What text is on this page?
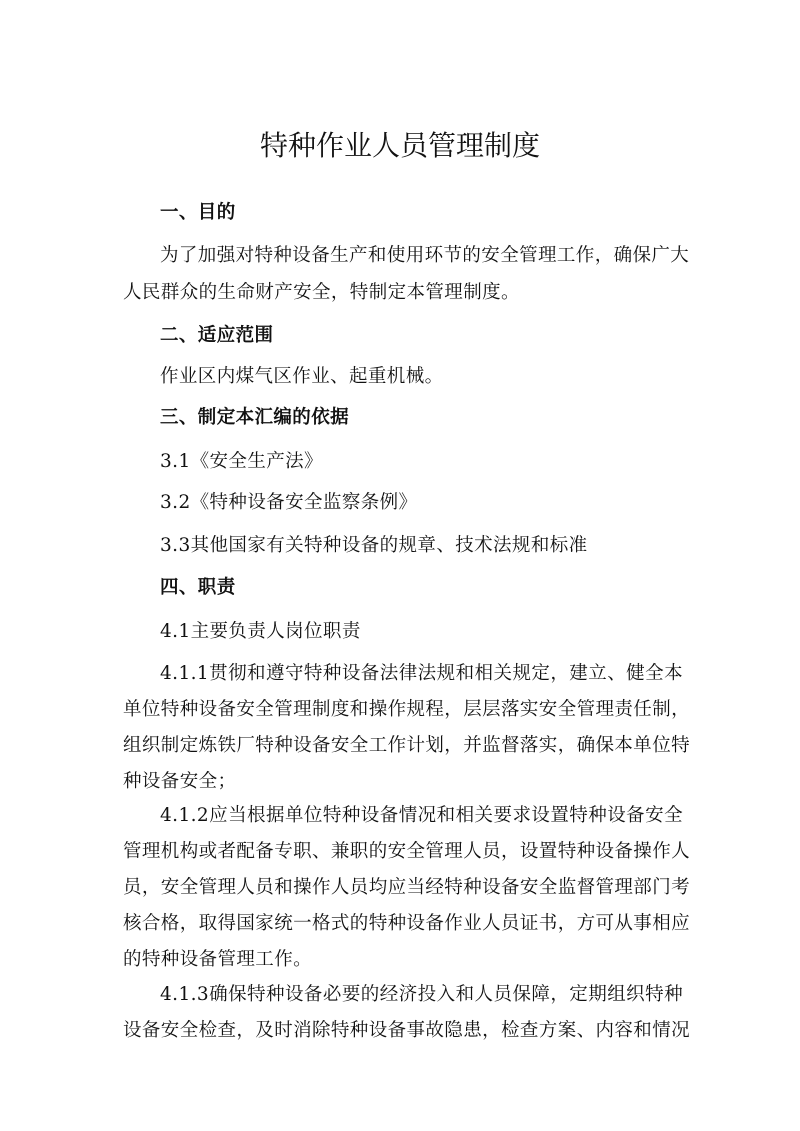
特种作业人员管理制度
一、目的
为了加强对特种设备生产和使用环节的安全管理工作，确保广大
人民群众的生命财产安全，特制定本管理制度。
二、适应范围
作业区内煤气区作业、起重机械。
三、制定本汇编的依据
3.1《安全生产法》
3.2《特种设备安全监察条例》
3.3其他国家有关特种设备的规章、技术法规和标准
四、职责
4.1主要负责人岗位职责
4.1.1贯彻和遵守特种设备法律法规和相关规定，建立、健全本
单位特种设备安全管理制度和操作规程，层层落实安全管理责任制，
组织制定炼铁厂特种设备安全工作计划，并监督落实，确保本单位特
种设备安全；
4.1.2应当根据单位特种设备情况和相关要求设置特种设备安全
管理机构或者配备专职、兼职的安全管理人员，设置特种设备操作人
员，安全管理人员和操作人员均应当经特种设备安全监督管理部门考
核合格，取得国家统一格式的特种设备作业人员证书，方可从事相应
的特种设备管理工作。
4.1.3确保特种设备必要的经济投入和人员保障，定期组织特种
设备安全检查，及时消除特种设备事故隐患，检查方案、内容和情况
